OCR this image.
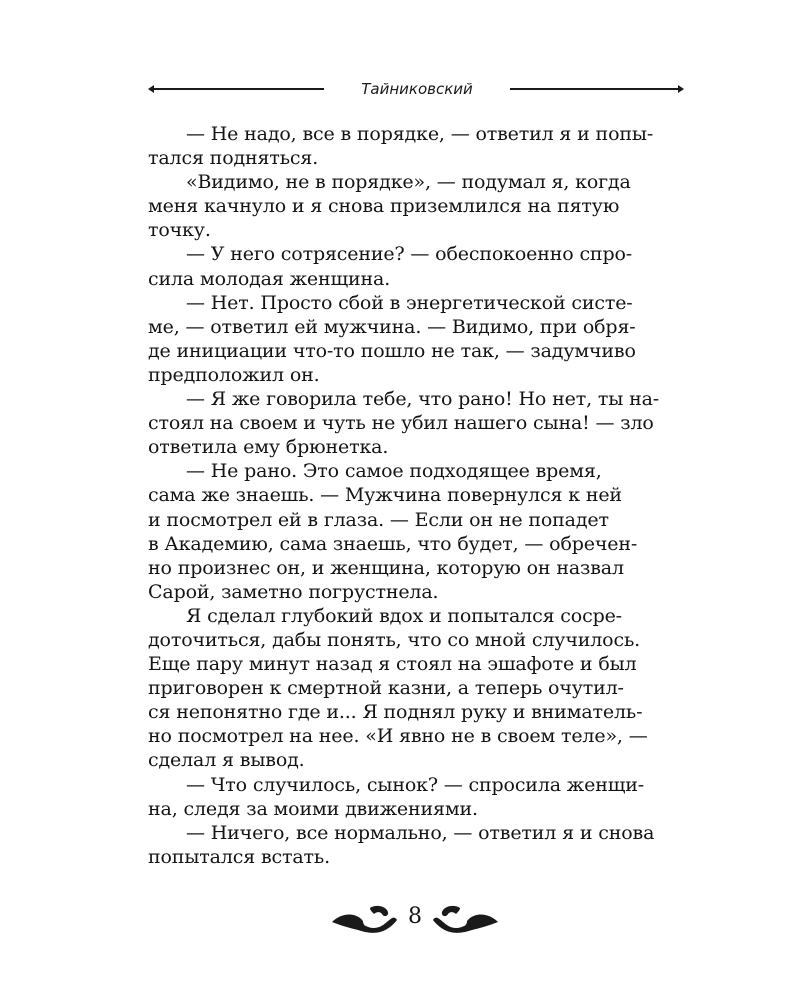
Тайниковский
— Не надо, все в порядке, — ответил я и попы-
тался подняться.
«Видимо, не в порядке», — подумал я, когда
меня качнуло и я снова приземлился на пятую
точку.
— У него сотрясение? — обеспокоенно спро-
сила молодая женщина.
— Нет. Просто сбой в энергетической систе-
ме, — ответил ей мужчина. — Видимо, при обря-
де инициации что-то пошло не так, — задумчиво
предположил он.
— Я же говорила тебе, что рано! Но нет, ты на-
стоял на своем и чуть не убил нашего сына! — зло
ответила ему брюнетка.
— Не рано. Это самое подходящее время,
сама же знаешь. — Мужчина повернулся к ней
и посмотрел ей в глаза. — Если он не попадет
в Академию, сама знаешь, что будет, — обречен-
но произнес он, и женщина, которую он назвал
Сарой, заметно погрустнела.
Я сделал глубокий вдох и попытался сосре-
доточиться, дабы понять, что со мной случилось.
Еще пару минут назад я стоял на эшафоте и был
приговорен к смертной казни, а теперь очутил-
ся непонятно где и... Я поднял руку и вниматель-
но посмотрел на нее. «И явно не в своем теле», —
сделал я вывод.
— Что случилось, сынок? — спросила женщи-
на, следя за моими движениями.
— Ничего, все нормально, — ответил я и снова
попытался встать.
8
